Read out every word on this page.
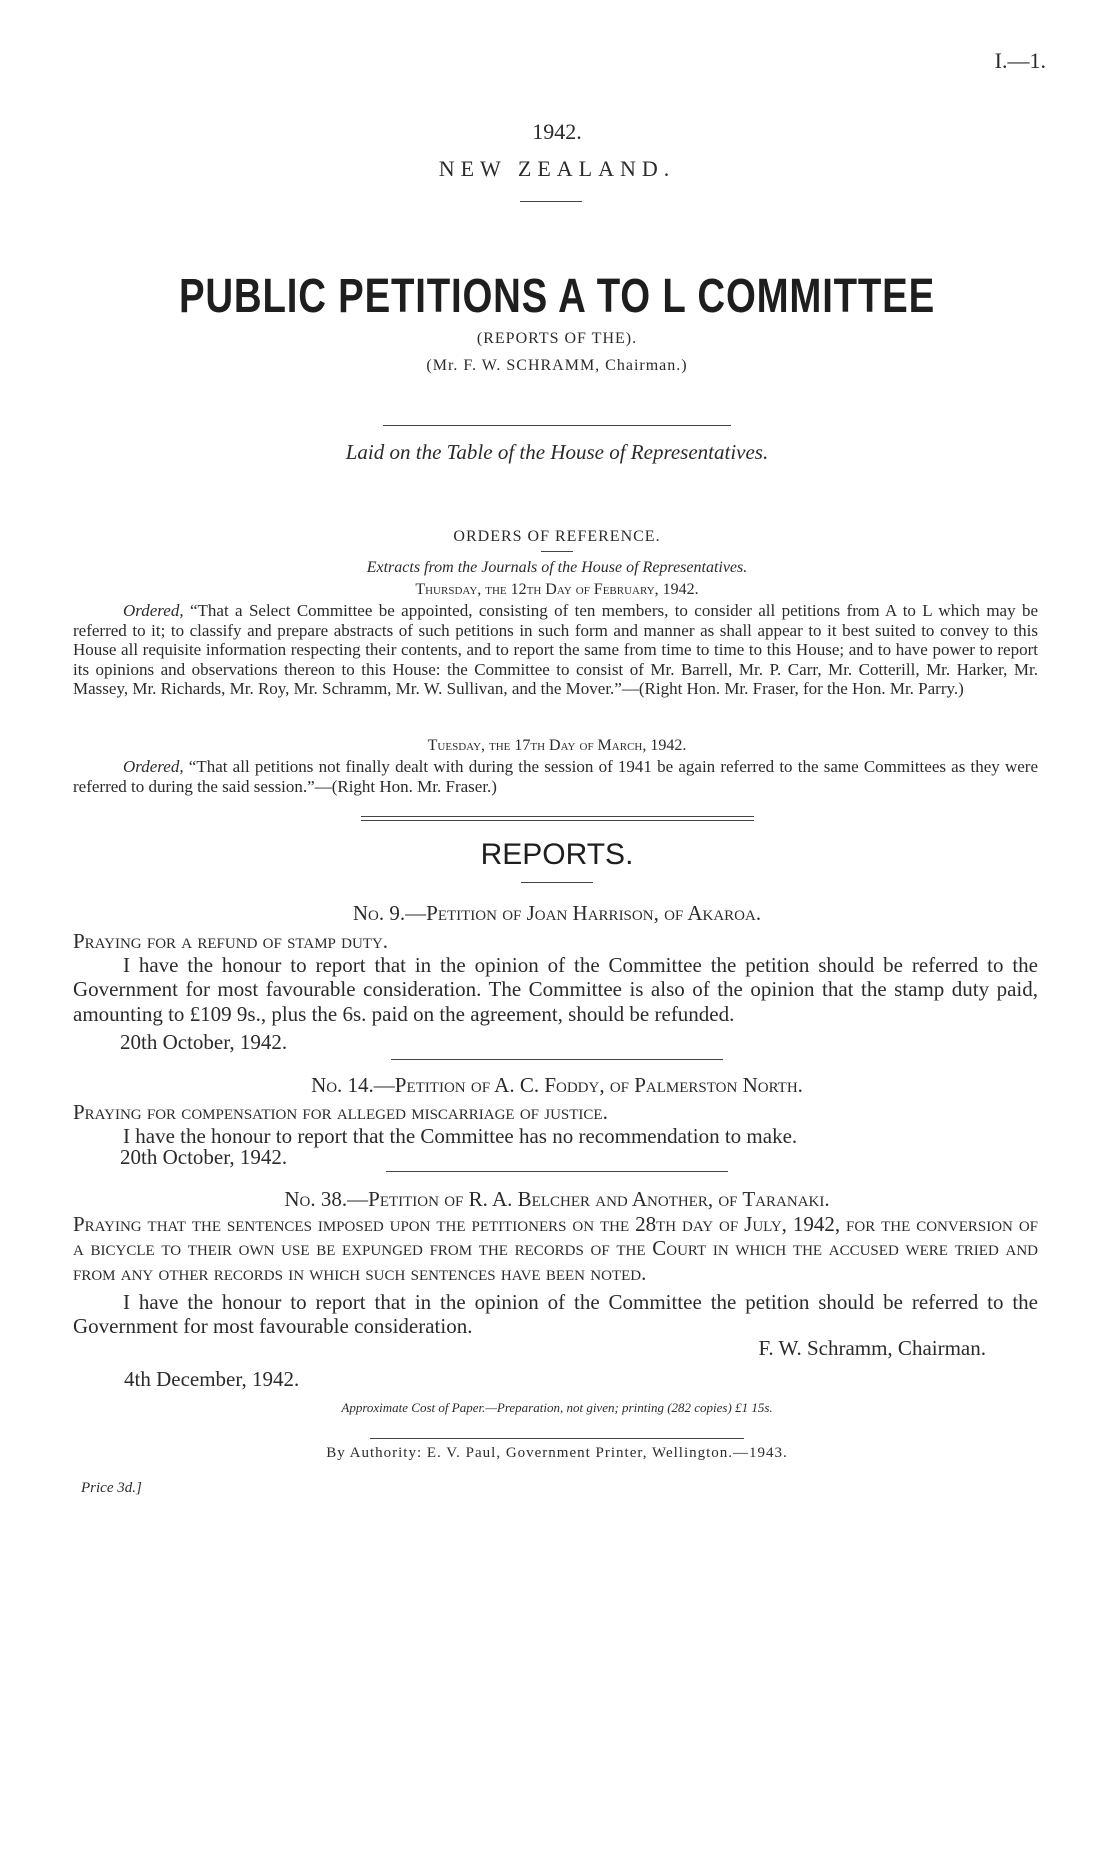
I.—1.
1942.
NEW ZEALAND.
PUBLIC PETITIONS A TO L COMMITTEE
(REPORTS OF THE).
(Mr. F. W. SCHRAMM, Chairman.)
Laid on the Table of the House of Representatives.
ORDERS OF REFERENCE.
Extracts from the Journals of the House of Representatives.
Thursday, the 12th Day of February, 1942.

Ordered, “That a Select Committee be appointed, consisting of ten members, to consider all petitions from A to L which may be referred to it; to classify and prepare abstracts of such petitions in such form and manner as shall appear to it best suited to convey to this House all requisite information respecting their contents, and to report the same from time to time to this House; and to have power to report its opinions and observations thereon to this House: the Committee to consist of Mr. Barrell, Mr. P. Carr, Mr. Cotterill, Mr. Harker, Mr. Massey, Mr. Richards, Mr. Roy, Mr. Schramm, Mr. W. Sullivan, and the Mover.”—(Right Hon. Mr. Fraser, for the Hon. Mr. Parry.)

Tuesday, the 17th Day of March, 1942.

Ordered, “That all petitions not finally dealt with during the session of 1941 be again referred to the same Committees as they were referred to during the said session.”—(Right Hon. Mr. Fraser.)

REPORTS.
No. 9.—Petition of Joan Harrison, of Akaroa.

Praying for a refund of stamp duty.

I have the honour to report that in the opinion of the Committee the petition should be referred to the Government for most favourable consideration. The Committee is also of the opinion that the stamp duty paid, amounting to £109 9s., plus the 6s. paid on the agreement, should be refunded.

20th October, 1942.
No. 14.—Petition of A. C. Foddy, of Palmerston North.

Praying for compensation for alleged miscarriage of justice.

I have the honour to report that the Committee has no recommendation to make.

20th October, 1942.
No. 38.—Petition of R. A. Belcher and Another, of Taranaki.

Praying that the sentences imposed upon the petitioners on the 28th day of July, 1942, for the conversion of a bicycle to their own use be expunged from the records of the Court in which the accused were tried and from any other records in which such sentences have been noted.

I have the honour to report that in the opinion of the Committee the petition should be referred to the Government for most favourable consideration.

F. W. Schramm, Chairman.
4th December, 1942.
Approximate Cost of Paper.—Preparation, not given; printing (282 copies) £1 15s.
By Authority: E. V. Paul, Government Printer, Wellington.—1943.
Price 3d.]
